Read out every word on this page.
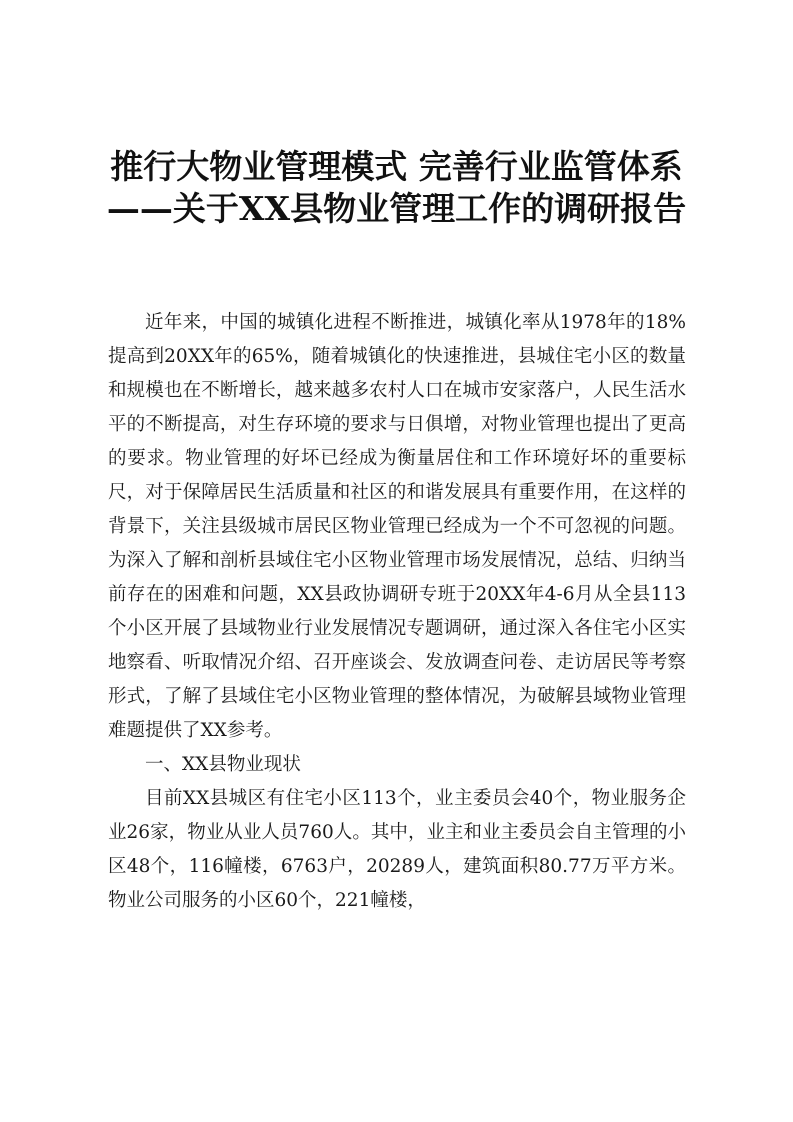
推行大物业管理模式 完善行业监管体系——关于XX县物业管理工作的调研报告

近年来，中国的城镇化进程不断推进，城镇化率从1978年的18%提高到20XX年的65%，随着城镇化的快速推进，县城住宅小区的数量和规模也在不断增长，越来越多农村人口在城市安家落户，人民生活水平的不断提高，对生存环境的要求与日俱增，对物业管理也提出了更高的要求。物业管理的好坏已经成为衡量居住和工作环境好坏的重要标尺，对于保障居民生活质量和社区的和谐发展具有重要作用，在这样的背景下，关注县级城市居民区物业管理已经成为一个不可忽视的问题。为深入了解和剖析县域住宅小区物业管理市场发展情况，总结、归纳当前存在的困难和问题，XX县政协调研专班于20XX年4-6月从全县113个小区开展了县域物业行业发展情况专题调研，通过深入各住宅小区实地察看、听取情况介绍、召开座谈会、发放调查问卷、走访居民等考察形式，了解了县域住宅小区物业管理的整体情况，为破解县域物业管理难题提供了XX参考。

一、XX县物业现状

目前XX县城区有住宅小区113个，业主委员会40个，物业服务企业26家，物业从业人员760人。其中，业主和业主委员会自主管理的小区48个，116幢楼，6763户，20289人，建筑面积80.77万平方米。物业公司服务的小区60个，221幢楼，
